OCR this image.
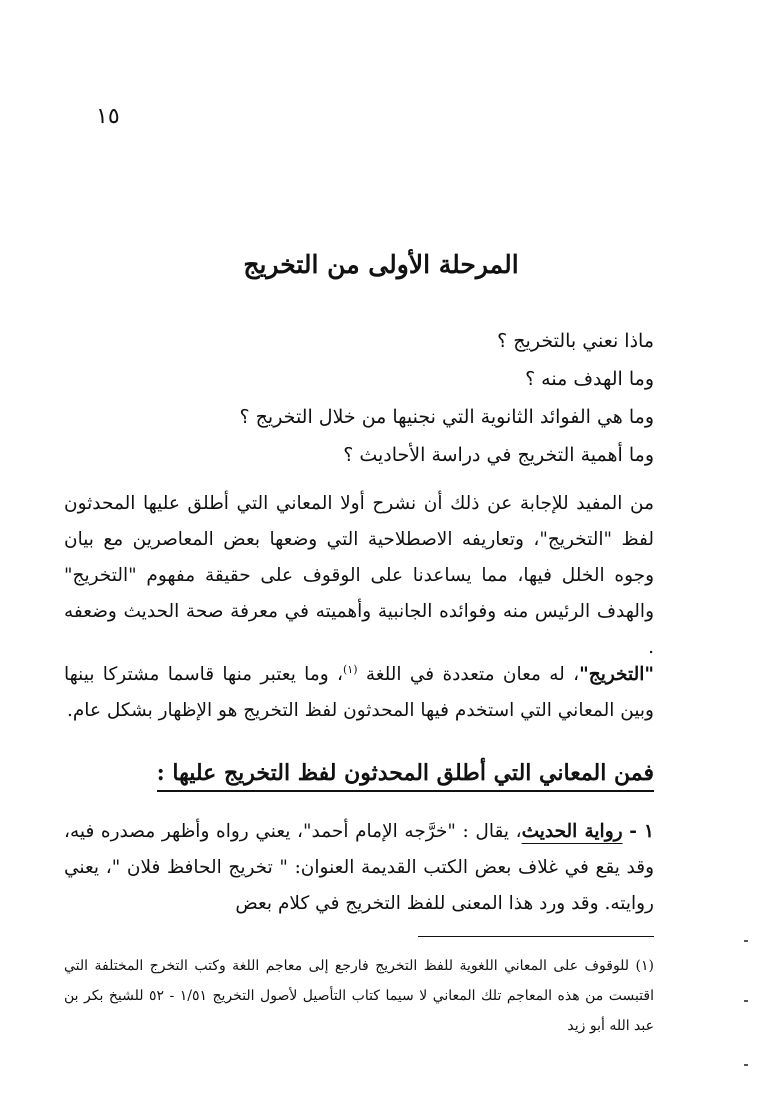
١٥
المرحلة الأولى من التخريج
ماذا نعني بالتخريج ؟
وما الهدف منه ؟
وما هي الفوائد الثانوية التي نجنيها من خلال التخريج ؟
وما أهمية التخريج في دراسة الأحاديث ؟
من المفيد للإجابة عن ذلك أن نشرح أولا المعاني التي أطلق عليها المحدثون لفظ "التخريج"، وتعاريفه الاصطلاحية التي وضعها بعض المعاصرين مع بيان وجوه الخلل فيها، مما يساعدنا على الوقوف على حقيقة مفهوم "التخريج" والهدف الرئيس منه وفوائده الجانبية وأهميته في معرفة صحة الحديث وضعفه .
"التخريج"، له معان متعددة في اللغة $^{(١)}$، وما يعتبر منها قاسما مشتركا بينها وبين المعاني التي استخدم فيها المحدثون لفظ التخريج هو الإظهار بشكل عام.
فمن المعاني التي أطلق المحدثون لفظ التخريج عليها :
١ - رواية الحديث، يقال : "خرَّجه الإمام أحمد"، يعني رواه وأظهر مصدره فيه، وقد يقع في غلاف بعض الكتب القديمة العنوان: " تخريج الحافظ فلان "، يعني روايته. وقد ورد هذا المعنى للفظ التخريج في كلام بعض
(١) للوقوف على المعاني اللغوية للفظ التخريج فارجع إلى معاجم اللغة وكتب التخرج المختلفة التي اقتبست من هذه المعاجم تلك المعاني لا سيما كتاب التأصيل لأصول التخريج ١/٥١ - ٥٢ للشيخ بكر بن عبد الله أبو زيد
